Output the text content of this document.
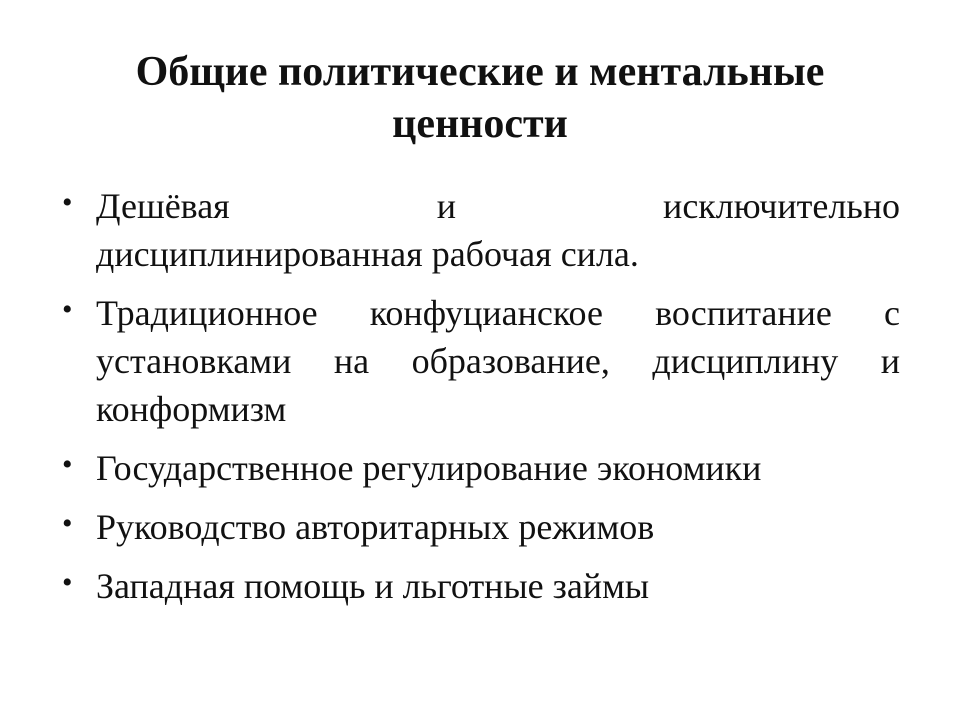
Общие политические и ментальные ценности
• Дешёвая и исключительно
дисциплинированная рабочая сила.
• Традиционное конфуцианское воспитание с установками на образование, дисциплину и конформизм
• Государственное регулирование экономики
• Руководство авторитарных режимов
• Западная помощь и льготные займы
